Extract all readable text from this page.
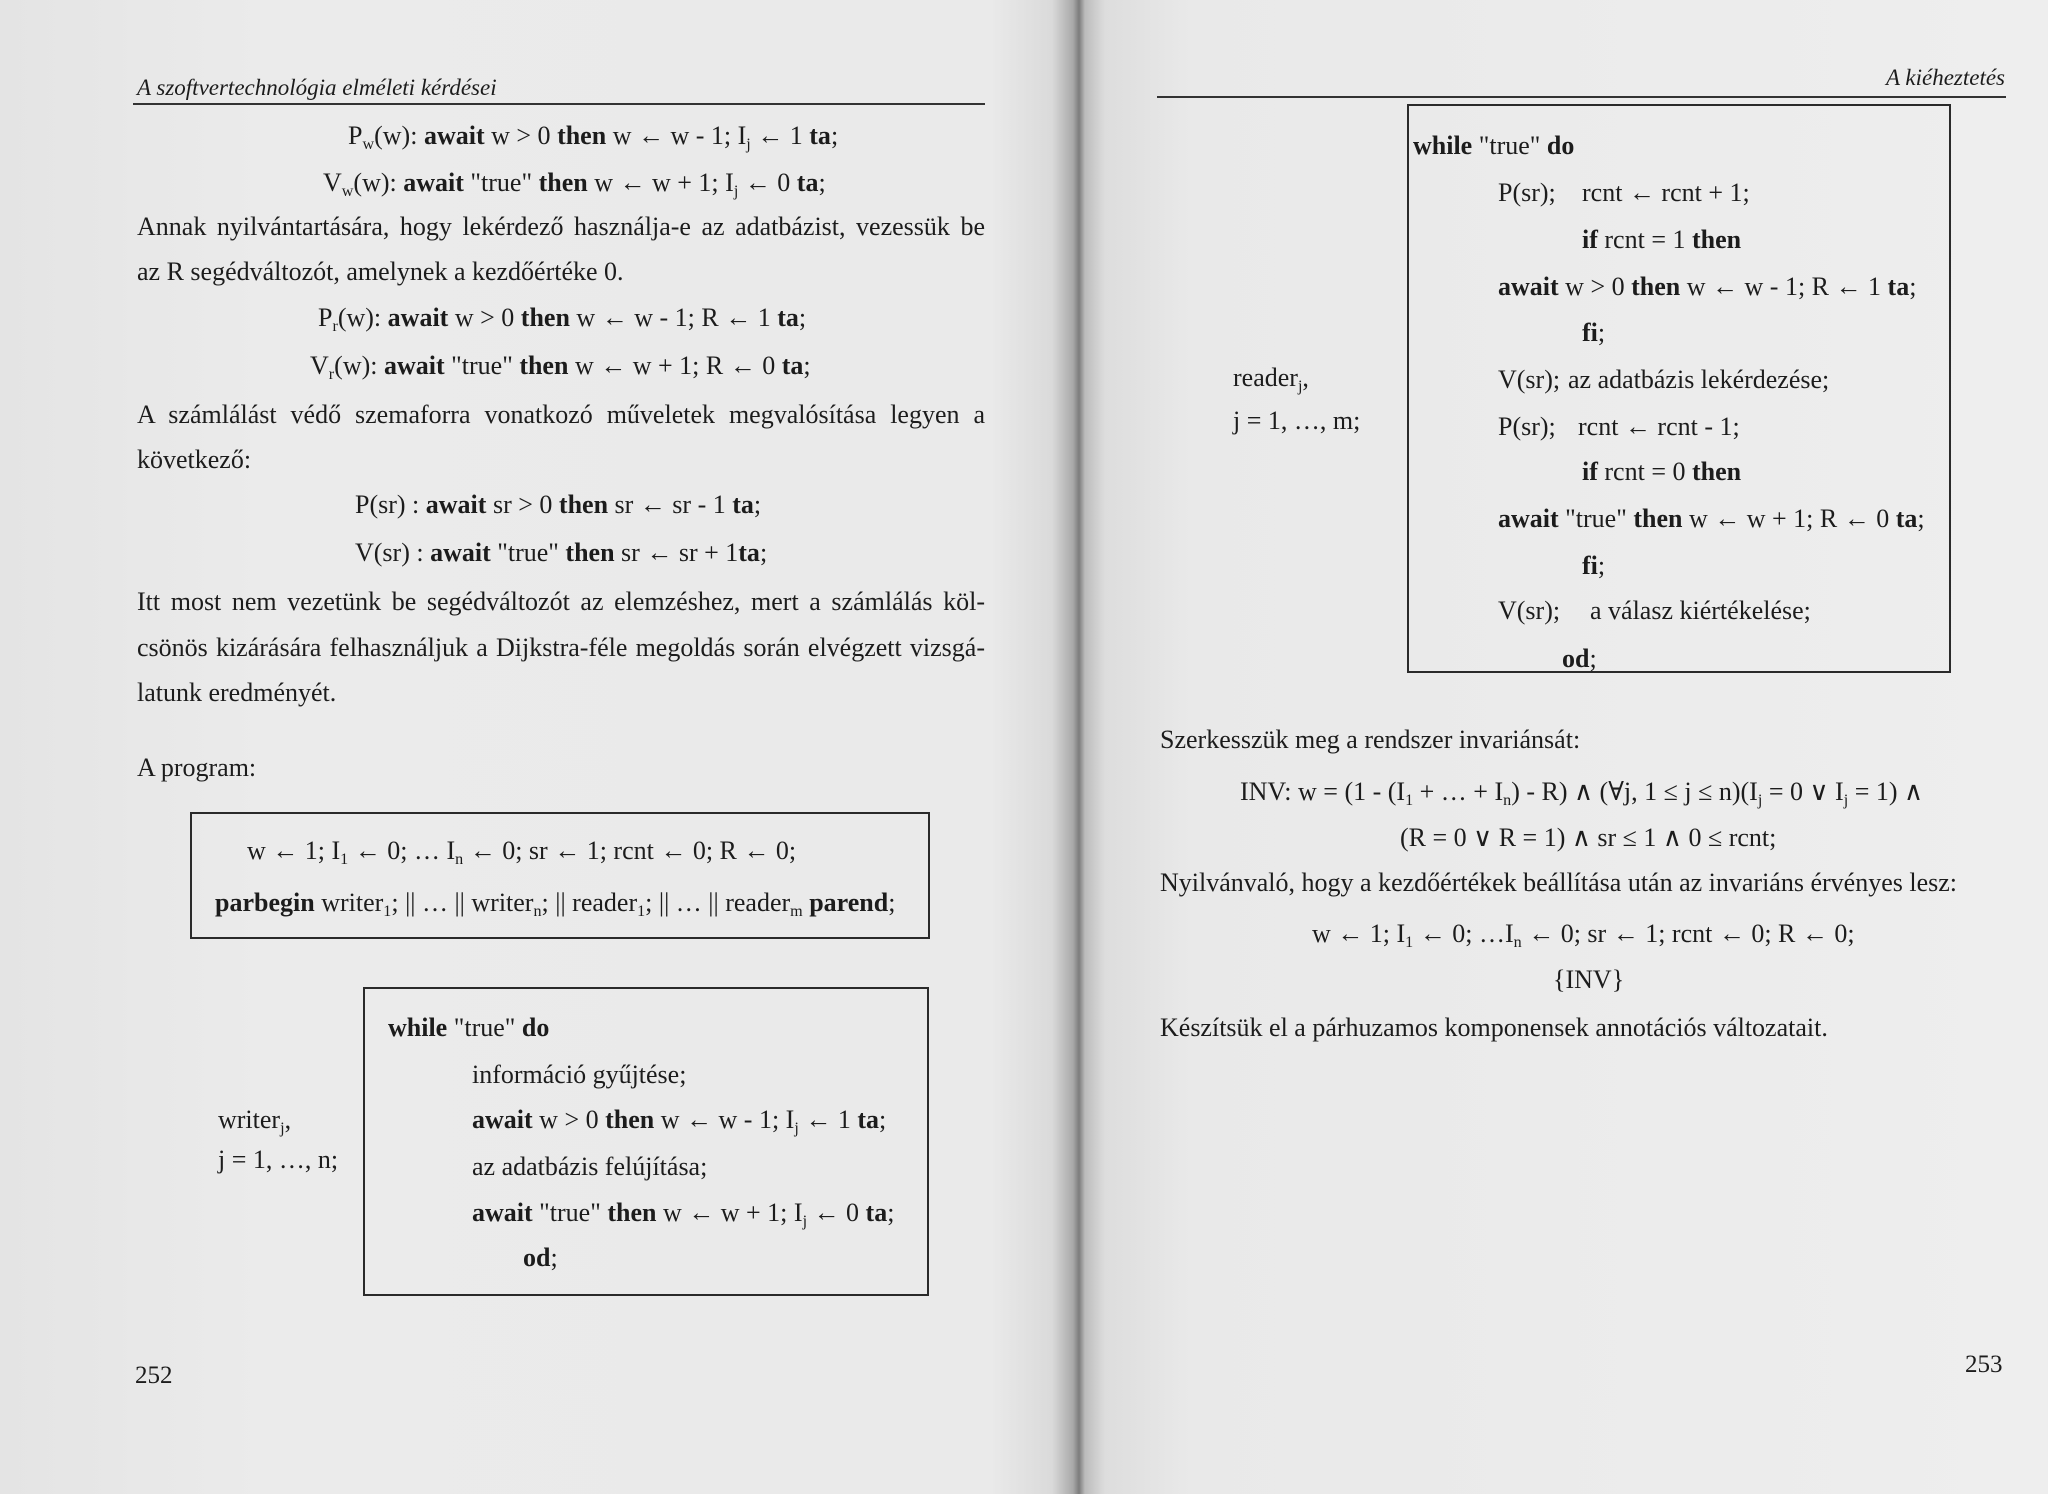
A szoftvertechnológia elméleti kérdései
Pw(w): await w > 0 then w ← w - 1; Ij ← 1 ta;
Vw(w): await "true" then w ← w + 1; Ij ← 0 ta;
Annak nyilvántartására, hogy lekérdező használja-e az adatbázist, vezessük be
az R segédváltozót, amelynek a kezdőértéke 0.
Pr(w): await w > 0 then w ← w - 1; R ← 1 ta;
Vr(w): await "true" then w ← w + 1; R ← 0 ta;
A számlálást védő szemaforra vonatkozó műveletek megvalósítása legyen a
következő:
P(sr) : await sr > 0 then sr ← sr - 1 ta;
V(sr) : await "true" then sr ← sr + 1ta;
Itt most nem vezetünk be segédváltozót az elemzéshez, mert a számlálás köl-
csönös kizárására felhasználjuk a Dijkstra-féle megoldás során elvégzett vizsgá-
latunk eredményét.
A program:
w ← 1; I1 ← 0; … In ← 0; sr ← 1; rcnt ← 0; R ← 0;
parbegin writer1; || … || writern; || reader1; || … || readerm parend;
while "true" do
információ gyűjtése;
await w > 0 then w ← w - 1; Ij ← 1 ta;
az adatbázis felújítása;
await "true" then w ← w + 1; Ij ← 0 ta;
od;
writerj,
j = 1, …, n;
252
A kiéheztetés
while "true" do
P(sr); rcnt ← rcnt + 1;
if rcnt = 1 then
await w > 0 then w ← w - 1; R ← 1 ta;
fi;
V(sr); az adatbázis lekérdezése;
P(sr); rcnt ← rcnt - 1;
if rcnt = 0 then
await "true" then w ← w + 1; R ← 0 ta;
fi;
V(sr); a válasz kiértékelése;
od;
readerj,
j = 1, …, m;
Szerkesszük meg a rendszer invariánsát:
INV: w = (1 - (I1 + … + In) - R) ∧ (∀j, 1 ≤ j ≤ n)(Ij = 0 ∨ Ij = 1) ∧
(R = 0 ∨ R = 1) ∧ sr ≤ 1 ∧ 0 ≤ rcnt;
Nyilvánvaló, hogy a kezdőértékek beállítása után az invariáns érvényes lesz:
w ← 1; I1 ← 0; …In ← 0; sr ← 1; rcnt ← 0; R ← 0;
{INV}
Készítsük el a párhuzamos komponensek annotációs változatait.
253
